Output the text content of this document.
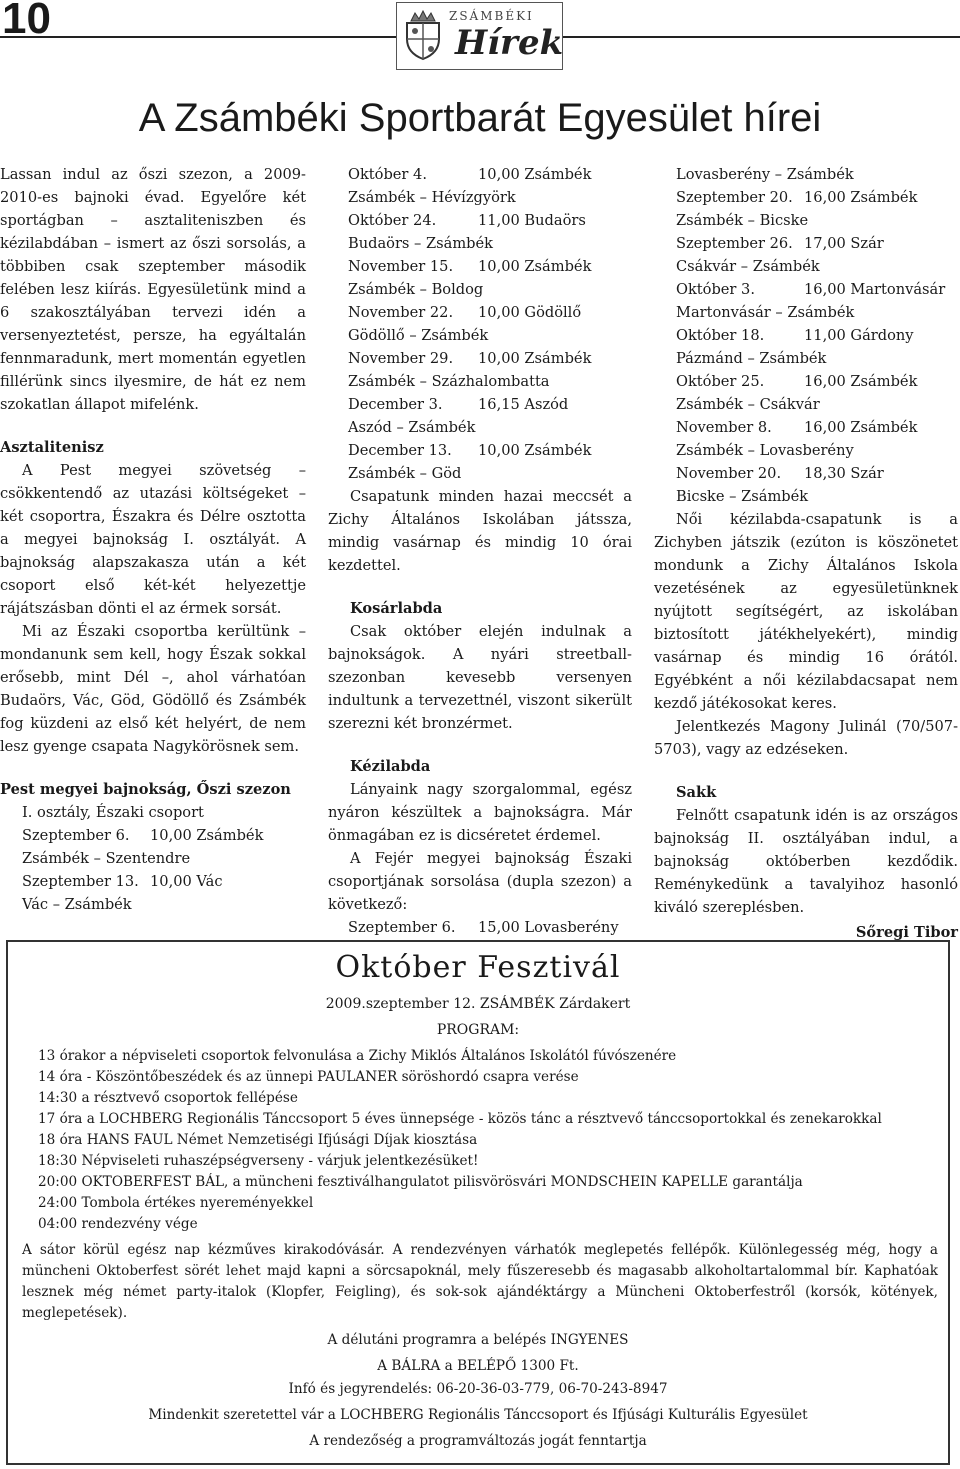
10	ZSÁMBÉKI
Hírek
A Zsámbéki Sportbarát Egyesület hírei

Lassan indul az őszi szezon, a 2009-2010-es bajnoki évad. Egyelőre két sportágban – asztaliteniszben és kézilabdában – ismert az őszi sorsolás, a többiben csak szeptember második felében lesz kiírás. Egyesületünk mind a 6 szakosztályában tervezi idén a versenyeztetést, persze, ha egyáltalán fennmaradunk, mert momentán egyetlen fillérünk sincs ilyesmire, de hát ez nem szokatlan állapot mifelénk.

Asztalitenisz

A Pest megyei szövetség – csökkentendő az utazási költségeket – két csoportra, Északra és Délre osztotta a megyei bajnokság I. osztályát. A bajnokság alapszakasza után a két csoport első két-két helyezettje rájátszásban dönti el az érmek sorsát.

Mi az Északi csoportba kerültünk – mondanunk sem kell, hogy Észak sokkal erősebb, mint Dél –, ahol várhatóan Budaörs, Vác, Göd, Gödöllő és Zsámbék fog küzdeni az első két helyért, de nem lesz gyenge csapata Nagykörösnek sem.

Pest megyei bajnokság, Őszi szezon

I. osztály, Északi csoport

Szeptember 6.	10,00 Zsámbék
Zsámbék – Szentendre
Szeptember 13. 10,00 Vác
Vác – Zsámbék
Október 4.	10,00 Zsámbék
Zsámbék – Hévízgyörk
Október 24.	11,00 Budaörs
Budaörs – Zsámbék
November 15.	10,00 Zsámbék
Zsámbék – Boldog
November 22.	10,00 Gödöllő
Gödöllő – Zsámbék
November 29.	10,00 Zsámbék
Zsámbék – Százhalombatta
December 3.	16,15 Aszód
Aszód – Zsámbék
December 13.	10,00 Zsámbék
Zsámbék – Göd

Csapatunk minden hazai meccsét a Zichy Általános Iskolában játssza, mindig vasárnap és mindig 10 órai kezdettel.

Kosárlabda

Csak október elején indulnak a bajnokságok. A nyári streetball-szezonban kevesebb versenyen indultunk a tervezettnél, viszont sikerült szerezni két bronzérmet.

Kézilabda

Lányaink nagy szorgalommal, egész nyáron készültek a bajnokságra. Már önmagában ez is dicséretet érdemel.

A Fejér megyei bajnokság Északi csoportjának sorsolása (dupla szezon) a következő:

Szeptember 6.	15,00 Lovasberény
Lovasberény – Zsámbék
Szeptember 20. 16,00 Zsámbék
Zsámbék – Bicske
Szeptember 26. 17,00 Szár
Csákvár – Zsámbék
Október 3.	16,00 Martonvásár
Martonvásár – Zsámbék
Október 18.	11,00 Gárdony
Pázmánd – Zsámbék
Október 25.	16,00 Zsámbék
Zsámbék – Csákvár
November 8.	16,00 Zsámbék
Zsámbék – Lovasberény
November 20.	18,30 Szár
Bicske – Zsámbék

Női kézilabda-csapatunk is a Zichyben játszik (ezúton is köszönetet mondunk a Zichy Általános Iskola vezetésének az egyesületünknek nyújtott segítségért, az iskolában biztosított játékhelyekért), mindig vasárnap és mindig 16 órától. Egyébként a női kézilabdacsapat nem kezdő játékosokat keres.

Jelentkezés Magony Julinál (70/507-5703), vagy az edzéseken.

Sakk

Felnőtt csapatunk idén is az országos bajnokság II. osztályában indul, a bajnokság októberben kezdődik. Reménykedünk a tavalyihoz hasonló kiváló szereplésben.

Sőregi Tibor

Október Fesztivál
2009.szeptember 12. ZSÁMBÉK Zárdakert
PROGRAM:
13 órakor a népviseleti csoportok felvonulása a Zichy Miklós Általános Iskolától fúvószenére
14 óra - Köszöntőbeszédek és az ünnepi PAULANER söröshordó csapra verése
14:30 a résztvevő csoportok fellépése
17 óra a LOCHBERG Regionális Tánccsoport 5 éves ünnepsége - közös tánc a résztvevő tánccsoportokkal és zenekarokkal
18 óra HANS FAUL Német Nemzetiségi Ifjúsági Díjak kiosztása
18:30 Népviseleti ruhaszépségverseny - várjuk jelentkezésüket!
20:00 OKTOBERFEST BÁL, a müncheni fesztiválhangulatot pilisvörösvári MONDSCHEIN KAPELLE garantálja
24:00 Tombola értékes nyereményekkel
04:00 rendezvény vége
A sátor körül egész nap kézműves kirakodóvásár. A rendezvényen várhatók meglepetés fellépők. Különlegesség még, hogy a müncheni Oktoberfest sörét lehet majd kapni a sörcsapoknál, mely fűszeresebb és magasabb alkoholtartalommal bír. Kaphatóak lesznek még német party-italok (Klopfer, Feigling), és sok-sok ajándéktárgy a Müncheni Oktoberfestről (korsók, kötények, meglepetések).
A délutáni programra a belépés INGYENES
A BÁLRA a BELÉPŐ 1300 Ft.
Infó és jegyrendelés: 06-20-36-03-779, 06-70-243-8947
Mindenkit szeretettel vár a LOCHBERG Regionális Tánccsoport és Ifjúsági Kulturális Egyesület
A rendezőség a programváltozás jogát fenntartja
